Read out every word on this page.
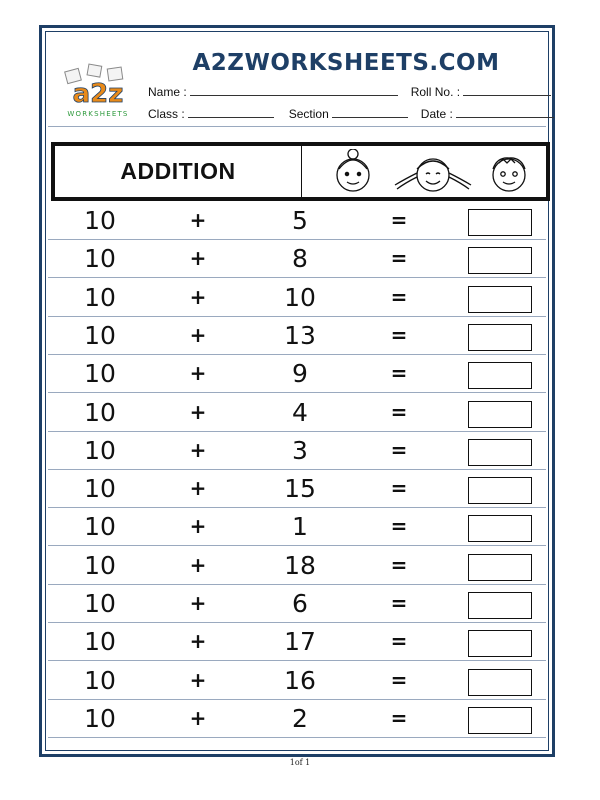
a2z
WORKSHEETS
A2ZWORKSHEETS.COM
Name :	Roll No. :
Class :	Section	Date :
ADDITION
10	+	5	=
10	+	8	=
10	+	10	=
10	+	13	=
10	+	9	=
10	+	4	=
10	+	3	=
10	+	15	=
10	+	1	=
10	+	18	=
10	+	6	=
10	+	17	=
10	+	16	=
10	+	2	=
1of 1
